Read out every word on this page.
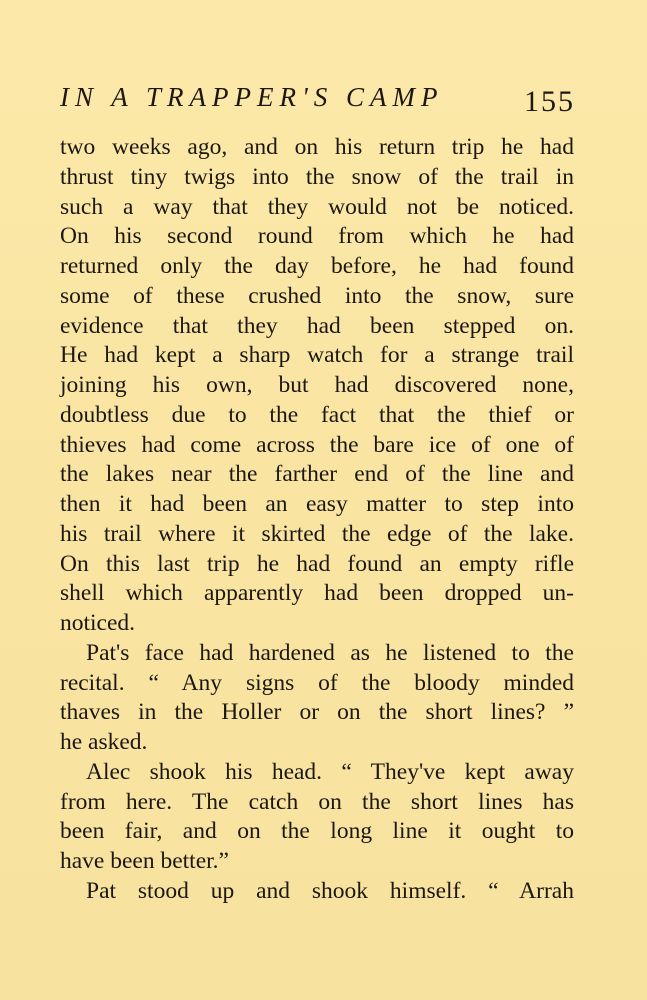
IN A TRAPPER'S CAMP	155
two weeks ago, and on his return trip he had
thrust tiny twigs into the snow of the trail in
such a way that they would not be noticed.
On his second round from which he had
returned only the day before, he had found
some of these crushed into the snow, sure
evidence that they had been stepped on.
He had kept a sharp watch for a strange trail
joining his own, but had discovered none,
doubtless due to the fact that the thief or
thieves had come across the bare ice of one of
the lakes near the farther end of the line and
then it had been an easy matter to step into
his trail where it skirted the edge of the lake.
On this last trip he had found an empty rifle
shell which apparently had been dropped un-
noticed.
Pat's face had hardened as he listened to the
recital. “ Any signs of the bloody minded
thaves in the Holler or on the short lines? ”
he asked.
Alec shook his head. “ They've kept away
from here. The catch on the short lines has
been fair, and on the long line it ought to
have been better.”
Pat stood up and shook himself. “ Arrah
